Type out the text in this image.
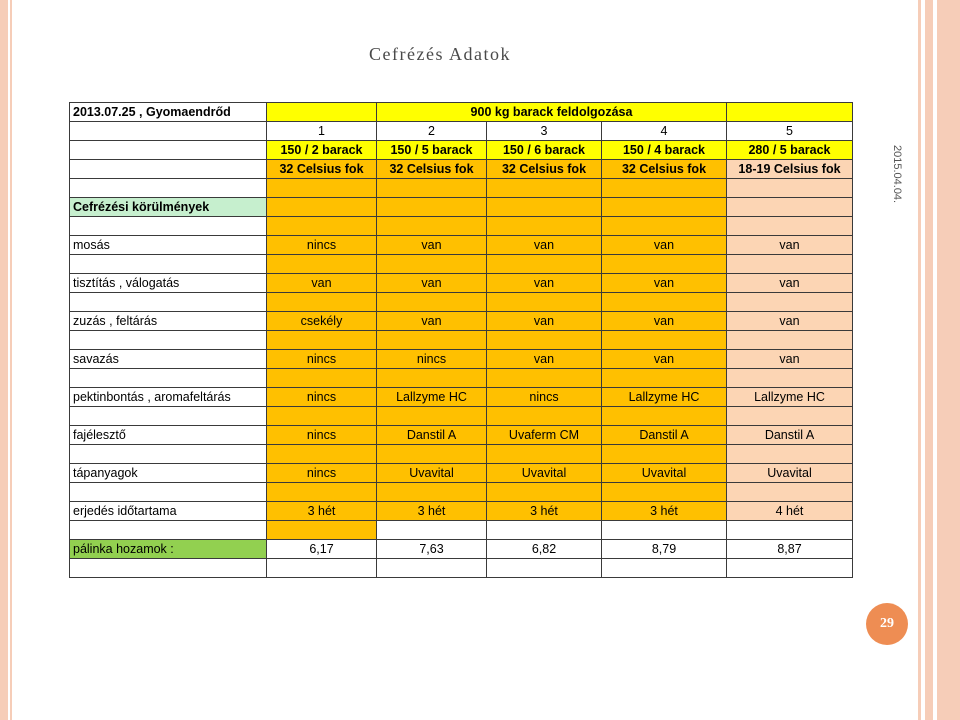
Cefrézés Adatok
2015.04.04.
29
2013.07.25 , Gyomaendrőd		900 kg barack feldolgozása			
	1	2	3	4	5
	150 / 2 barack	150 / 5 barack	150 / 6 barack	150 / 4 barack	280 / 5 barack
	32 Celsius fok	32 Celsius fok	32 Celsius fok	32 Celsius fok	18-19 Celsius fok

Cefrézési körülmények					

mosás	nincs	van	van	van	van

tisztítás , válogatás	van	van	van	van	van

zuzás , feltárás	csekély	van	van	van	van

savazás	nincs	nincs	van	van	van

pektinbontás , aromafeltárás	nincs	Lallzyme HC	nincs	Lallzyme HC	Lallzyme HC

fajélesztő	nincs	Danstil A	Uvaferm CM	Danstil A	Danstil A

tápanyagok	nincs	Uvavital	Uvavital	Uvavital	Uvavital

erjedés időtartama	3 hét	3 hét	3 hét	3 hét	4 hét

pálinka hozamok :	6,17	7,63	6,82	8,79	8,87
